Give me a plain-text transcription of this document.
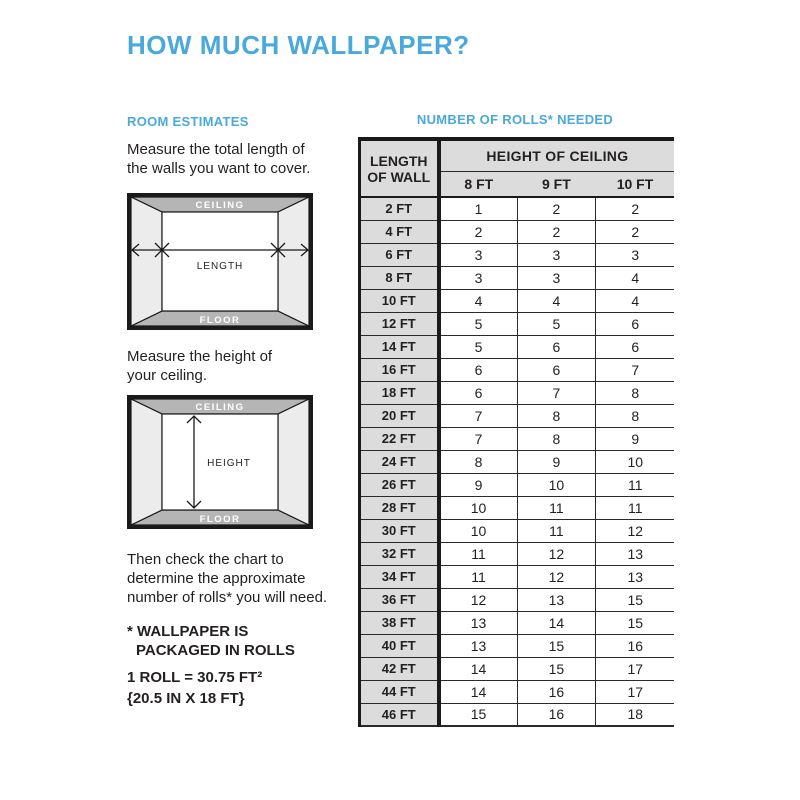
HOW MUCH WALLPAPER?
ROOM ESTIMATES
Measure the total length of
the walls you want to cover.
CEILING
FLOOR
LENGTH
Measure the height of
your ceiling.
CEILING
FLOOR
HEIGHT
Then check the chart to
determine the approximate
number of rolls* you will need.
* WALLPAPER IS
PACKAGED IN ROLLS
1 ROLL = 30.75 FT²
{20.5 IN X 18 FT}
NUMBER OF ROLLS* NEEDED
LENGTH
OF WALL	HEIGHT OF CEILING		
	8 FT	9 FT	10 FT
2 FT	1	2	2
4 FT	2	2	2
6 FT	3	3	3
8 FT	3	3	4
10 FT	4	4	4
12 FT	5	5	6
14 FT	5	6	6
16 FT	6	6	7
18 FT	6	7	8
20 FT	7	8	8
22 FT	7	8	9
24 FT	8	9	10
26 FT	9	10	11
28 FT	10	11	11
30 FT	10	11	12
32 FT	11	12	13
34 FT	11	12	13
36 FT	12	13	15
38 FT	13	14	15
40 FT	13	15	16
42 FT	14	15	17
44 FT	14	16	17
46 FT	15	16	18
